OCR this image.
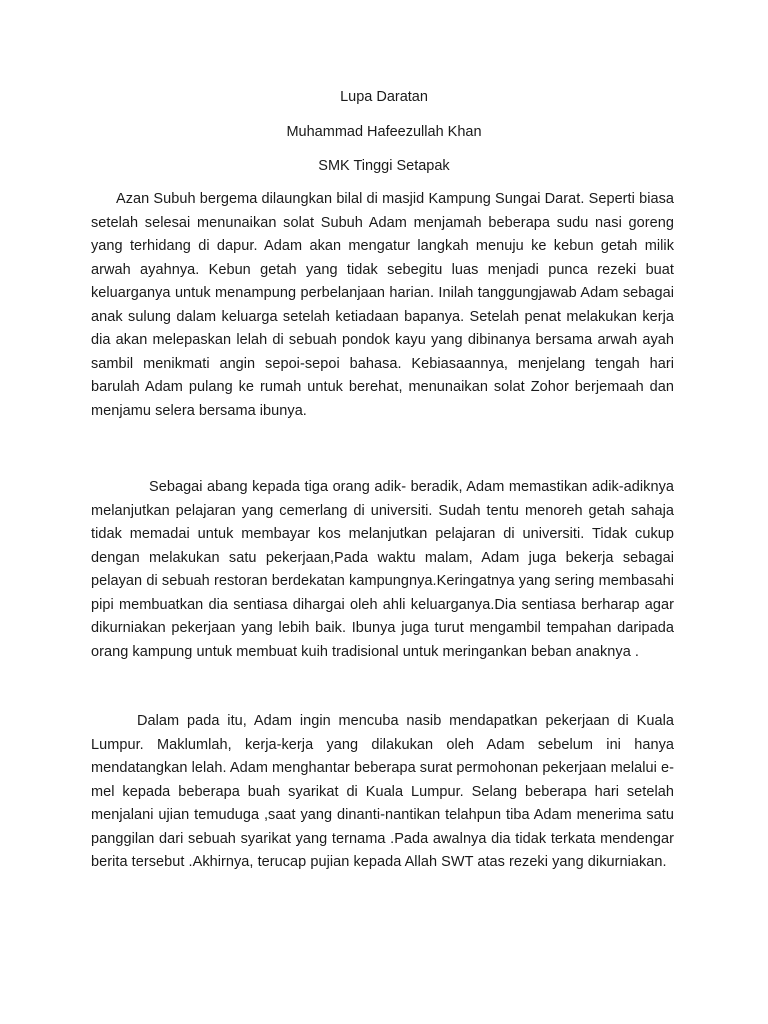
Lupa Daratan
Muhammad Hafeezullah Khan
SMK Tinggi Setapak

Azan Subuh bergema dilaungkan bilal di masjid Kampung Sungai Darat. Seperti biasa setelah selesai menunaikan solat Subuh Adam menjamah beberapa sudu nasi goreng yang terhidang di dapur. Adam akan mengatur langkah menuju ke kebun getah milik arwah ayahnya. Kebun getah yang tidak sebegitu luas menjadi punca rezeki buat keluarganya untuk menampung perbelanjaan harian. Inilah tanggungjawab Adam sebagai anak sulung dalam keluarga setelah ketiadaan bapanya. Setelah penat melakukan kerja dia akan melepaskan lelah di sebuah pondok kayu yang dibinanya bersama arwah ayah sambil menikmati angin sepoi-sepoi bahasa. Kebiasaannya, menjelang tengah hari barulah Adam pulang ke rumah untuk berehat, menunaikan solat Zohor berjemaah dan menjamu selera bersama ibunya.

Sebagai abang kepada tiga orang adik- beradik, Adam memastikan adik-adiknya melanjutkan pelajaran yang cemerlang di universiti. Sudah tentu menoreh getah sahaja tidak memadai untuk membayar kos melanjutkan pelajaran di universiti. Tidak cukup dengan melakukan satu pekerjaan,Pada waktu malam, Adam juga bekerja sebagai pelayan di sebuah restoran berdekatan kampungnya.Keringatnya yang sering membasahi pipi membuatkan dia sentiasa dihargai oleh ahli keluarganya.Dia sentiasa berharap agar dikurniakan pekerjaan yang lebih baik. Ibunya juga turut mengambil tempahan daripada orang kampung untuk membuat kuih tradisional untuk meringankan beban anaknya .

Dalam pada itu, Adam ingin mencuba nasib mendapatkan pekerjaan di Kuala Lumpur. Maklumlah, kerja-kerja yang dilakukan oleh Adam sebelum ini hanya mendatangkan lelah. Adam menghantar beberapa surat permohonan pekerjaan melalui e-mel kepada beberapa buah syarikat di Kuala Lumpur. Selang beberapa hari setelah menjalani ujian temuduga ,saat yang dinanti-nantikan telahpun tiba Adam menerima satu panggilan dari sebuah syarikat yang ternama .Pada awalnya dia tidak terkata mendengar berita tersebut .Akhirnya, terucap pujian kepada Allah SWT atas rezeki yang dikurniakan.
